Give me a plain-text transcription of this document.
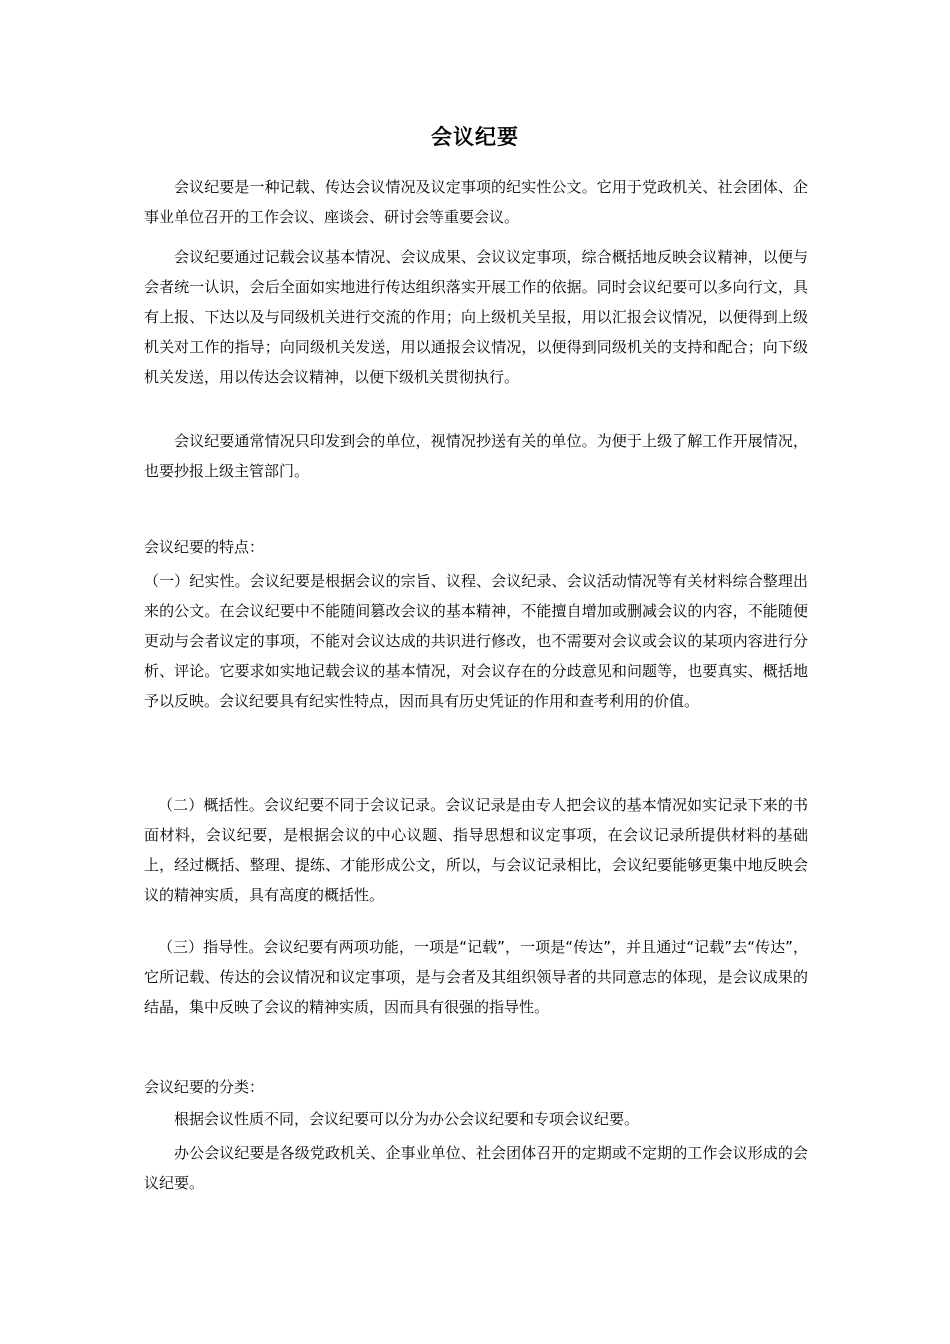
会议纪要

会议纪要是一种记载、传达会议情况及议定事项的纪实性公文。它用于党政机关、社会团体、企事业单位召开的工作会议、座谈会、研讨会等重要会议。

会议纪要通过记载会议基本情况、会议成果、会议议定事项，综合概括地反映会议精神，以便与会者统一认识，会后全面如实地进行传达组织落实开展工作的依据。同时会议纪要可以多向行文，具有上报、下达以及与同级机关进行交流的作用；向上级机关呈报，用以汇报会议情况，以便得到上级机关对工作的指导；向同级机关发送，用以通报会议情况，以便得到同级机关的支持和配合；向下级机关发送，用以传达会议精神，以便下级机关贯彻执行。

会议纪要通常情况只印发到会的单位，视情况抄送有关的单位。为便于上级了解工作开展情况，也要抄报上级主管部门。

会议纪要的特点：

（一）纪实性。会议纪要是根据会议的宗旨、议程、会议纪录、会议活动情况等有关材料综合整理出来的公文。在会议纪要中不能随间篡改会议的基本精神，不能擅自增加或删减会议的内容，不能随便更动与会者议定的事项，不能对会议达成的共识进行修改，也不需要对会议或会议的某项内容进行分析、评论。它要求如实地记载会议的基本情况，对会议存在的分歧意见和问题等，也要真实、概括地予以反映。会议纪要具有纪实性特点，因而具有历史凭证的作用和查考利用的价值。

（二）概括性。会议纪要不同于会议记录。会议记录是由专人把会议的基本情况如实记录下来的书面材料，会议纪要，是根据会议的中心议题、指导思想和议定事项，在会议记录所提供材料的基础上，经过概括、整理、提练、才能形成公文，所以，与会议记录相比，会议纪要能够更集中地反映会议的精神实质，具有高度的概括性。

（三）指导性。会议纪要有两项功能，一项是“记载”，一项是“传达”，并且通过“记载”去“传达”，它所记载、传达的会议情况和议定事项，是与会者及其组织领导者的共同意志的体现，是会议成果的结晶，集中反映了会议的精神实质，因而具有很强的指导性。

会议纪要的分类：

根据会议性质不同，会议纪要可以分为办公会议纪要和专项会议纪要。

办公会议纪要是各级党政机关、企事业单位、社会团体召开的定期或不定期的工作会议形成的会议纪要。
